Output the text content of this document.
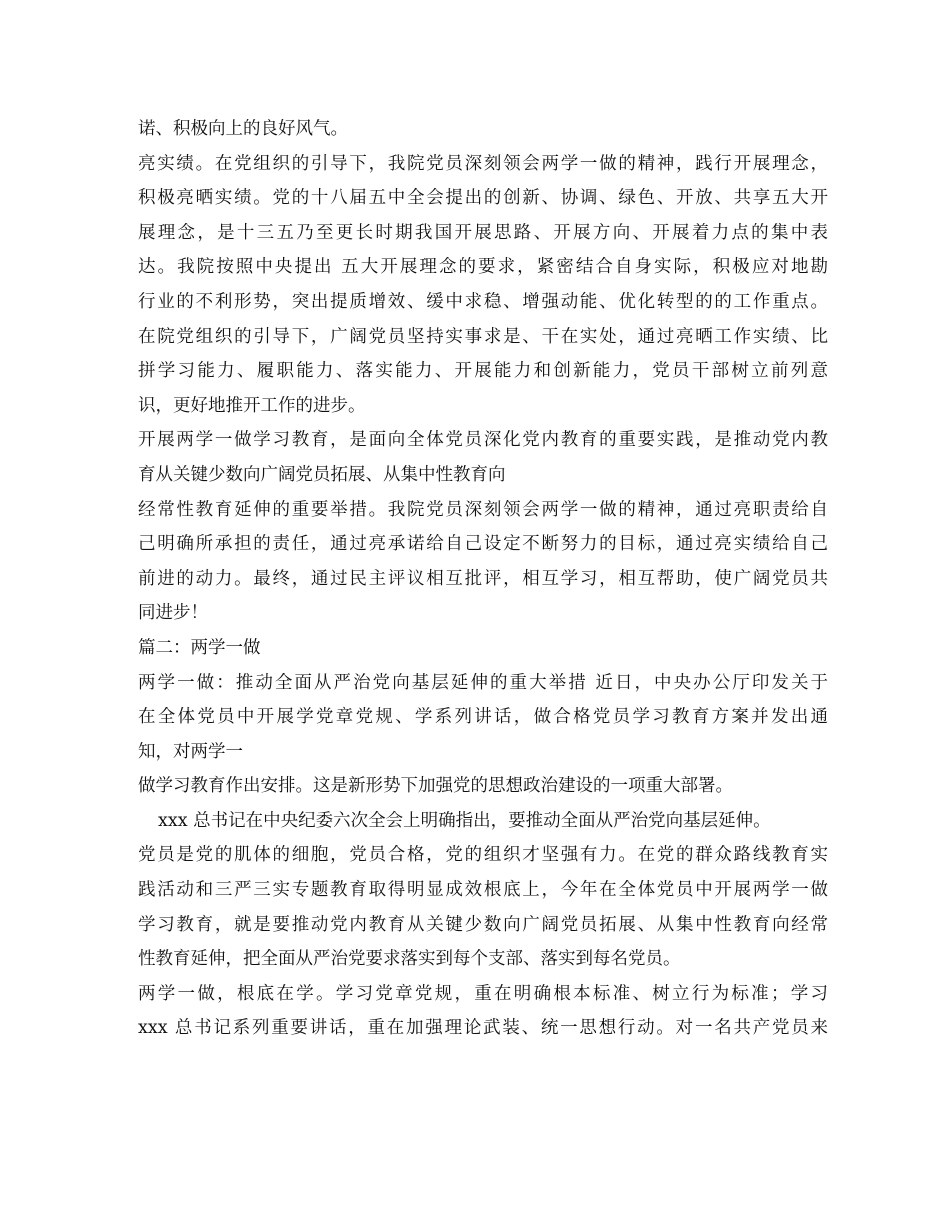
诺、积极向上的良好风气。
亮实绩。在党组织的引导下，我院党员深刻领会两学一做的精神，践行开展理念，
积极亮晒实绩。党的十八届五中全会提出的创新、协调、绿色、开放、共享五大开
展理念，是十三五乃至更长时期我国开展思路、开展方向、开展着力点的集中表
达。我院按照中央提出 五大开展理念的要求，紧密结合自身实际，积极应对地勘
行业的不利形势，突出提质增效、缓中求稳、增强动能、优化转型的的工作重点。
在院党组织的引导下，广阔党员坚持实事求是、干在实处，通过亮晒工作实绩、比
拼学习能力、履职能力、落实能力、开展能力和创新能力，党员干部树立前列意
识，更好地推开工作的进步。
开展两学一做学习教育，是面向全体党员深化党内教育的重要实践，是推动党内教
育从关键少数向广阔党员拓展、从集中性教育向
经常性教育延伸的重要举措。我院党员深刻领会两学一做的精神，通过亮职责给自
己明确所承担的责任，通过亮承诺给自己设定不断努力的目标，通过亮实绩给自己
前进的动力。最终，通过民主评议相互批评，相互学习，相互帮助，使广阔党员共
同进步！
篇二：两学一做
两学一做：推动全面从严治党向基层延伸的重大举措 近日，中央办公厅印发关于
在全体党员中开展学党章党规、学系列讲话，做合格党员学习教育方案并发出通
知，对两学一
做学习教育作出安排。这是新形势下加强党的思想政治建设的一项重大部署。
xxx 总书记在中央纪委六次全会上明确指出，要推动全面从严治党向基层延伸。
党员是党的肌体的细胞，党员合格，党的组织才坚强有力。在党的群众路线教育实
践活动和三严三实专题教育取得明显成效根底上，今年在全体党员中开展两学一做
学习教育，就是要推动党内教育从关键少数向广阔党员拓展、从集中性教育向经常
性教育延伸，把全面从严治党要求落实到每个支部、落实到每名党员。
两学一做，根底在学。学习党章党规，重在明确根本标准、树立行为标准；学习
xxx 总书记系列重要讲话，重在加强理论武装、统一思想行动。对一名共产党员来
